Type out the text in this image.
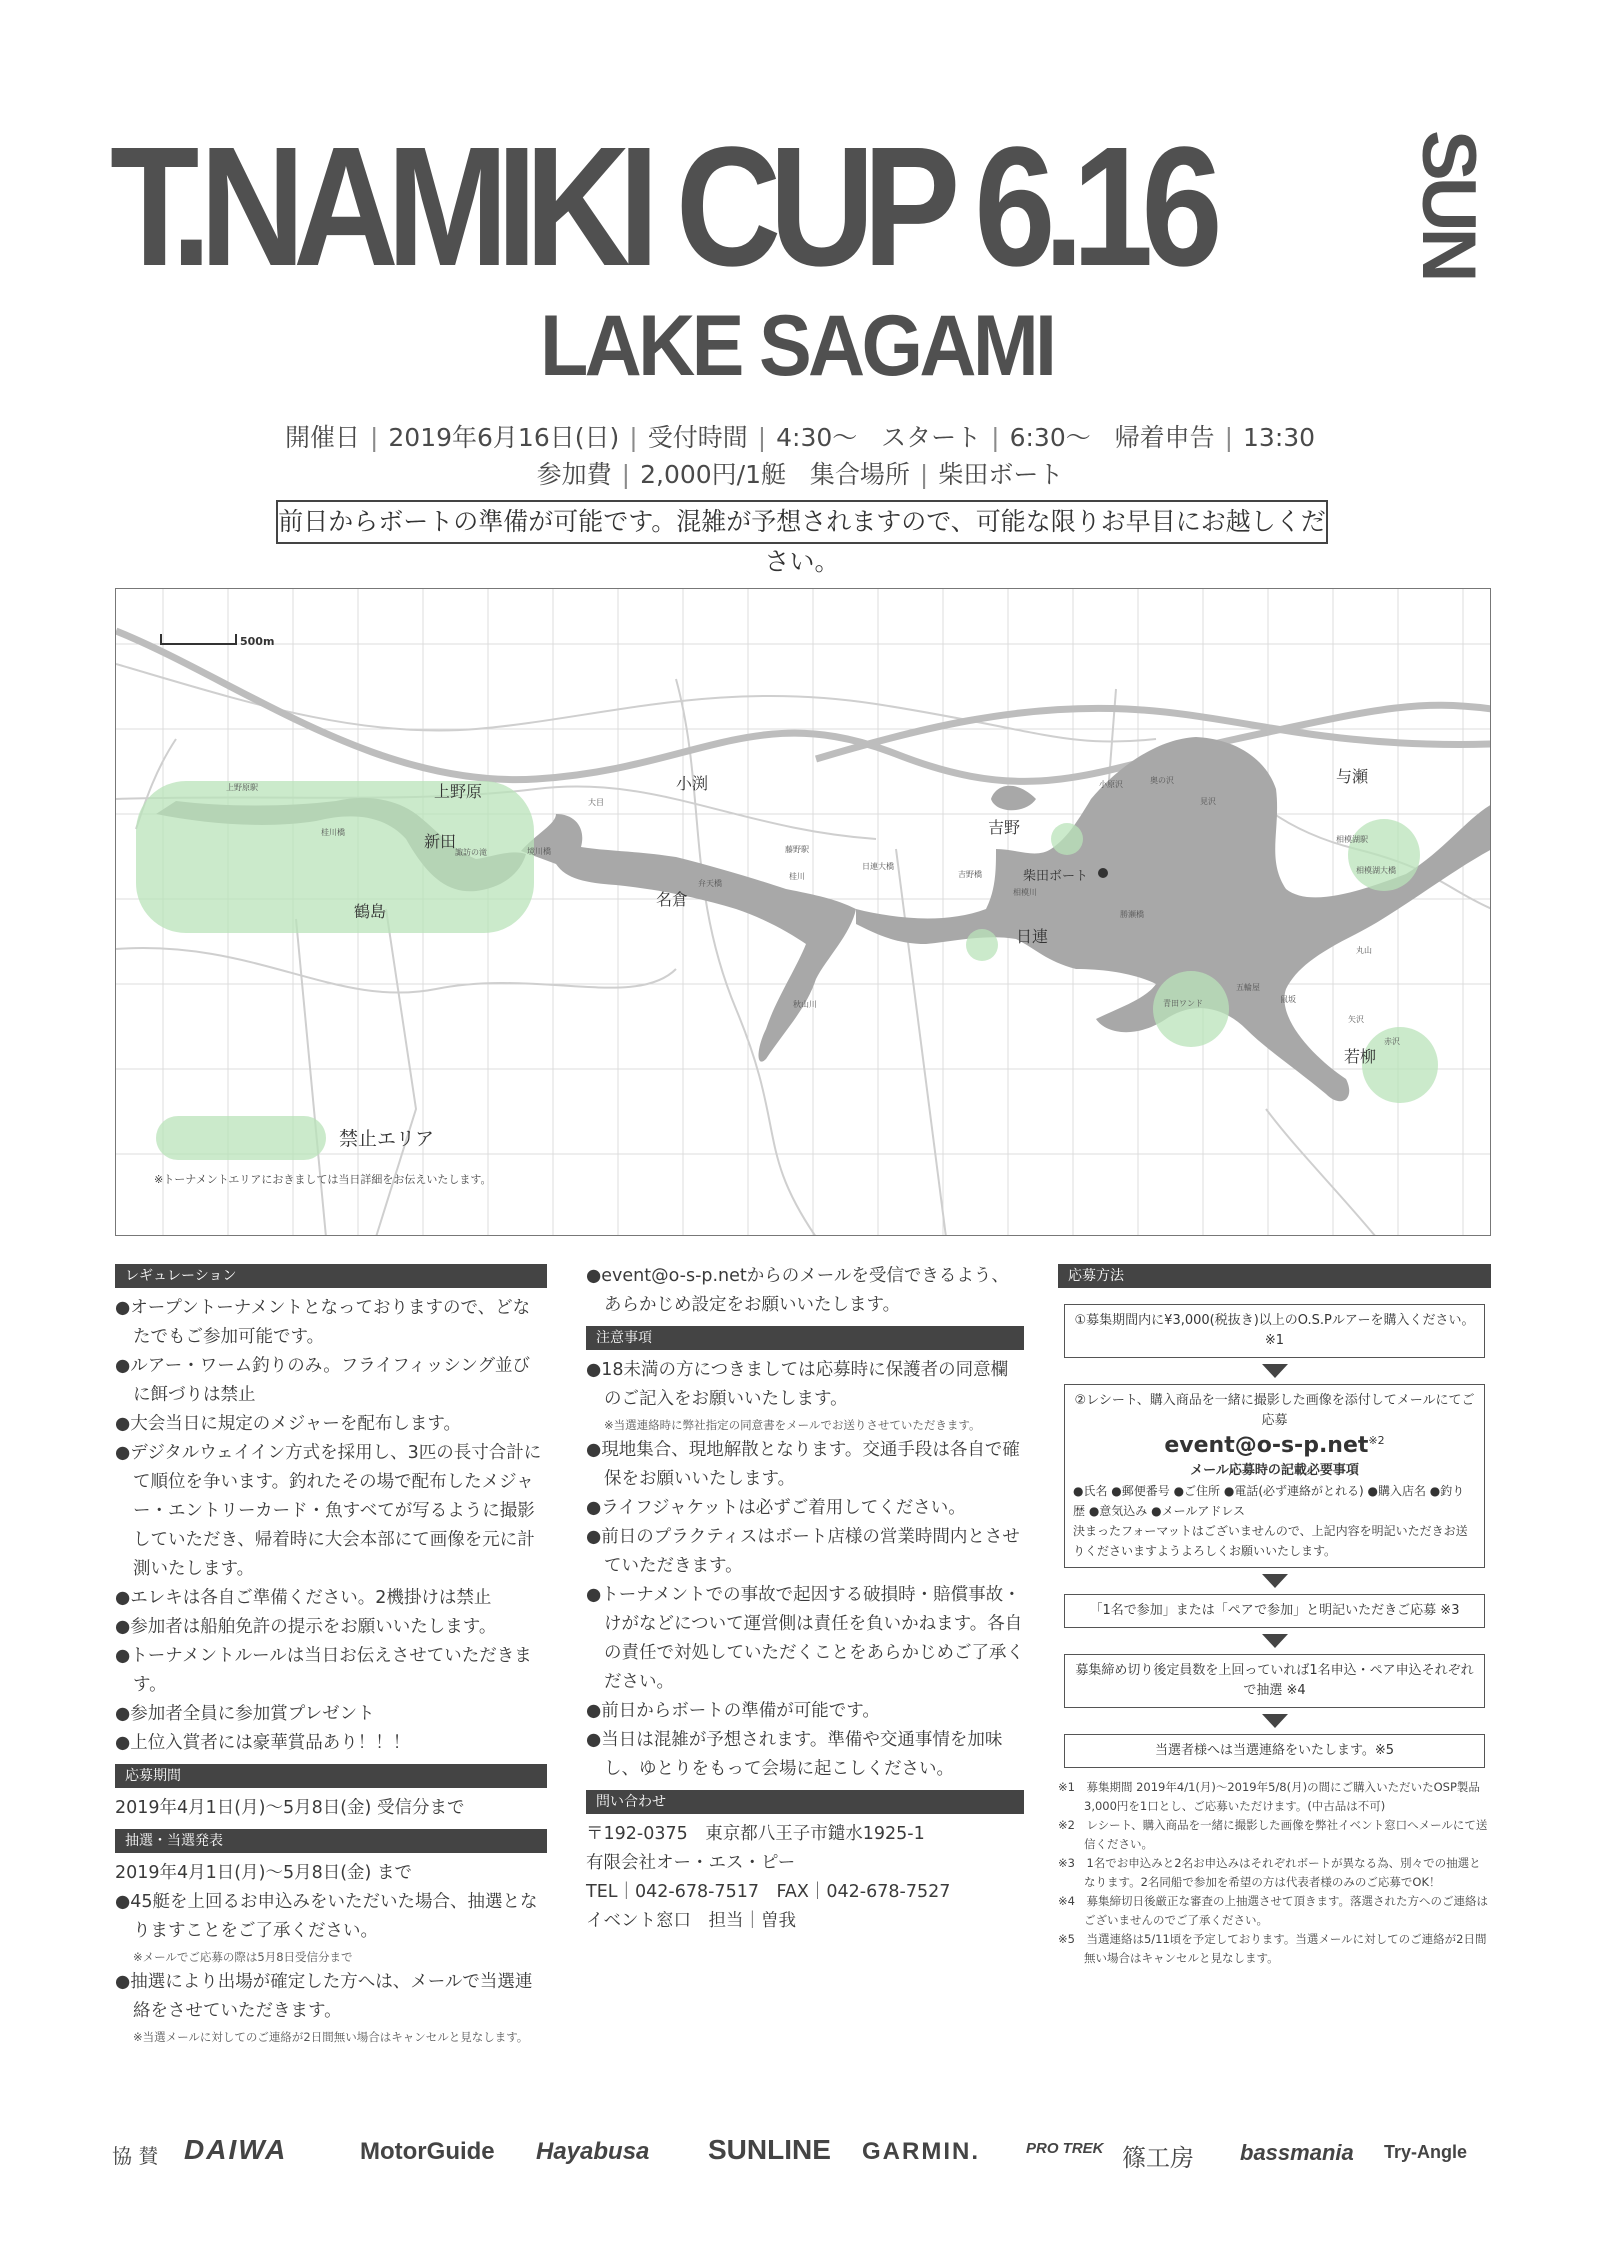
T.NAMIKI CUP 6.16	SUN
LAKE SAGAMI
開催日 | 2019年6月16日(日) | 受付時間 | 4:30〜 スタート | 6:30〜 帰着申告 | 13:30
参加費 | 2,000円/1艇 集合場所 | 柴田ボート
前日からボートの準備が可能です。混雑が予想されますので、可能な限りお早目にお越しください。
500m
上野原	小渕
吉野
与瀬
新田
鶴島
名倉
日連
若柳
柴田ボート
上野原駅
桂川橋
諏訪の滝	境川橋
大目
藤野駅
桂川
弁天橋
日連大橋
吉野橋
相模川
勝瀬橋
秋山川
小原沢	奥の沢
見沢
相模湖駅
相模湖大橋
丸山
青田ワンド
五輪屋
鼠坂
矢沢
赤沢
禁止エリア
※トーナメントエリアにおきましては当日詳細をお伝えいたします。
レギュレーション
●オープントーナメントとなっておりますので、どなたでもご参加可能です。
●ルアー・ワーム釣りのみ。フライフィッシング並びに餌づりは禁止
●大会当日に規定のメジャーを配布します。
●デジタルウェイイン方式を採用し、3匹の長寸合計にて順位を争います。釣れたその場で配布したメジャー・エントリーカード・魚すべてが写るように撮影していただき、帰着時に大会本部にて画像を元に計測いたします。
●エレキは各自ご準備ください。2機掛けは禁止
●参加者は船舶免許の提示をお願いいたします。
●トーナメントルールは当日お伝えさせていただきます。
●参加者全員に参加賞プレゼント
●上位入賞者には豪華賞品あり！！！
応募期間
2019年4月1日(月)〜5月8日(金) 受信分まで
抽選・当選発表
2019年4月1日(月)〜5月8日(金) まで
●45艇を上回るお申込みをいただいた場合、抽選となりますことをご了承ください。
※メールでご応募の際は5月8日受信分まで
●抽選により出場が確定した方へは、メールで当選連絡をさせていただきます。
※当選メールに対してのご連絡が2日間無い場合はキャンセルと見なします。
●event@o-s-p.netからのメールを受信できるよう、あらかじめ設定をお願いいたします。
注意事項
●18未満の方につきましては応募時に保護者の同意欄のご記入をお願いいたします。
※当選連絡時に弊社指定の同意書をメールでお送りさせていただきます。
●現地集合、現地解散となります。交通手段は各自で確保をお願いいたします。
●ライフジャケットは必ずご着用してください。
●前日のプラクティスはボート店様の営業時間内とさせていただきます。
●トーナメントでの事故で起因する破損時・賠償事故・けがなどについて運営側は責任を負いかねます。各自の責任で対処していただくことをあらかじめご了承ください。
●前日からボートの準備が可能です。
●当日は混雑が予想されます。準備や交通事情を加味し、ゆとりをもって会場に起こしください。
問い合わせ
〒192-0375　東京都八王子市鑓水1925-1
有限会社オー・エス・ピー
TEL｜042-678-7517　FAX｜042-678-7527
イベント窓口　担当｜曽我
応募方法
①募集期間内に¥3,000(税抜き)以上のO.S.Pルアーを購入ください。※1
②レシート、購入商品を一緒に撮影した画像を添付してメールにてご応募
event@o-s-p.net$^{※2}$
メール応募時の記載必要事項
●氏名 ●郵便番号 ●ご住所 ●電話(必ず連絡がとれる) ●購入店名 ●釣り歴 ●意気込み ●メールアドレス
決まったフォーマットはございませんので、上記内容を明記いただきお送りくださいますようよろしくお願いいたします。
「1名で参加」または「ペアで参加」と明記いただきご応募 ※3
募集締め切り後定員数を上回っていれば1名申込・ペア申込それぞれで抽選 ※4
当選者様へは当選連絡をいたします。※5
※1　募集期間 2019年4/1(月)〜2019年5/8(月)の間にご購入いただいたOSP製品3,000円を1口とし、ご応募いただけます。(中古品は不可)
※2　レシート、購入商品を一緒に撮影した画像を弊社イベント窓口へメールにて送信ください。
※3　1名でお申込みと2名お申込みはそれぞれボートが異なる為、別々での抽選となります。2名同船で参加を希望の方は代表者様のみのご応募でOK！
※4　募集締切日後厳正な審査の上抽選させて頂きます。落選された方へのご連絡はございませんのでご了承ください。
※5　当選連絡は5/11頃を予定しております。当選メールに対してのご連絡が2日間無い場合はキャンセルと見なします。
協 賛 DAIWA	MotorGuide Hayabusa SUNLINE GARMIN.	PRO TREK 篠工房 bassmania Try-Angle
